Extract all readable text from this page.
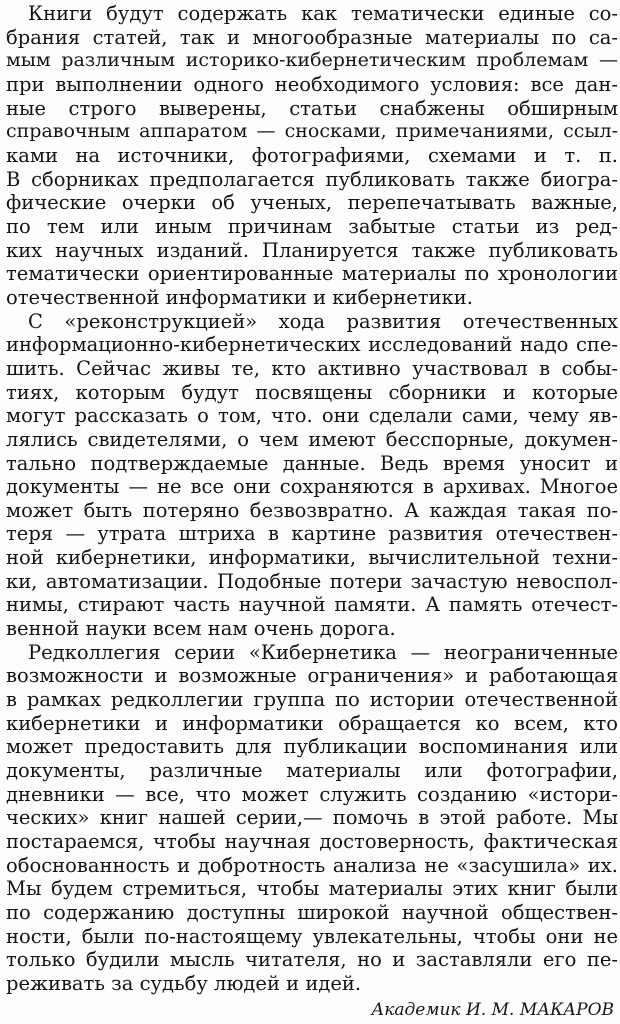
Книги будут содержать как тематически единые со-
брания статей, так и многообразные материалы по са-
мым различным историко-кибернетическим проблемам —
при выполнении одного необходимого условия: все дан-
ные строго выверены, статьи снабжены обширным
справочным аппаратом — сносками, примечаниями, ссыл-
ками на источники, фотографиями, схемами и т. п.
В сборниках предполагается публиковать также биогра-
фические очерки об ученых, перепечатывать важные,
по тем или иным причинам забытые статьи из ред-
ких научных изданий. Планируется также публиковать
тематически ориентированные материалы по хронологии
отечественной информатики и кибернетики.
С «реконструкцией» хода развития отечественных
информационно-кибернетических исследований надо спе-
шить. Сейчас живы те, кто активно участвовал в собы-
тиях, которым будут посвящены сборники и которые
могут рассказать о том, что. они сделали сами, чему яв-
лялись свидетелями, о чем имеют бесспорные, докумен-
тально подтверждаемые данные. Ведь время уносит и
документы — не все они сохраняются в архивах. Многое
может быть потеряно безвозвратно. А каждая такая по-
теря — утрата штриха в картине развития отечествен-
ной кибернетики, информатики, вычислительной техни-
ки, автоматизации. Подобные потери зачастую невоспол-
нимы, стирают часть научной памяти. А память отечест-
венной науки всем нам очень дорога.
Редколлегия серии «Кибернетика — неограниченные
возможности и возможные ограничения» и работающая
в рамках редколлегии группа по истории отечественной
кибернетики и информатики обращается ко всем, кто
может предоставить для публикации воспоминания или
документы, различные материалы или фотографии,
дневники — все, что может служить созданию «истори-
ческих» книг нашей серии,— помочь в этой работе. Мы
постараемся, чтобы научная достоверность, фактическая
обоснованность и добротность анализа не «засушила» их.
Мы будем стремиться, чтобы материалы этих книг были
по содержанию доступны широкой научной обществен-
ности, были по-настоящему увлекательны, чтобы они не
только будили мысль читателя, но и заставляли его пе-
реживать за судьбу людей и идей.
Академик И. М. МАКАРОВ
